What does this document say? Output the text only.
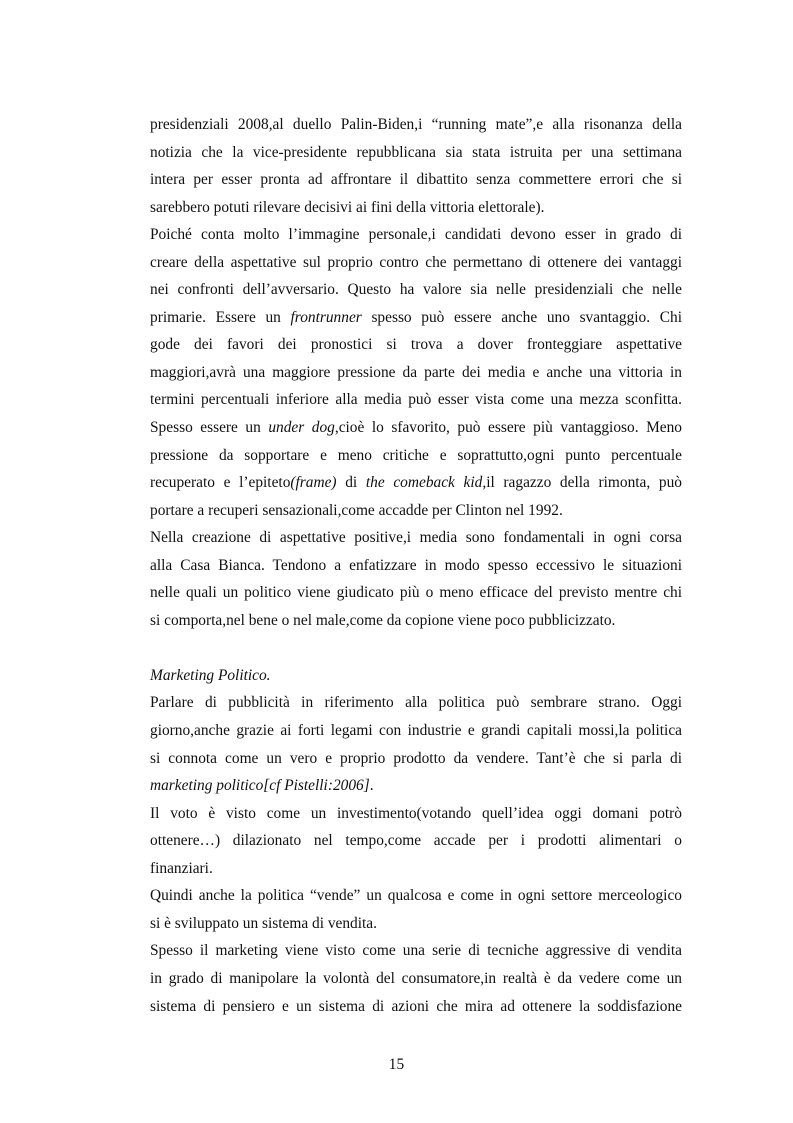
presidenziali 2008,al duello Palin-Biden,i “running mate”,e alla risonanza della
notizia che la vice-presidente repubblicana sia stata istruita per una settimana
intera per esser pronta ad affrontare il dibattito senza commettere errori che si
sarebbero potuti rilevare decisivi ai fini della vittoria elettorale).
Poiché conta molto l’immagine personale,i candidati devono esser in grado di
creare della aspettative sul proprio contro che permettano di ottenere dei vantaggi
nei confronti dell’avversario. Questo ha valore sia nelle presidenziali che nelle
primarie. Essere un frontrunner spesso può essere anche uno svantaggio. Chi
gode dei favori dei pronostici si trova a dover fronteggiare aspettative
maggiori,avrà una maggiore pressione da parte dei media e anche una vittoria in
termini percentuali inferiore alla media può esser vista come una mezza sconfitta.
Spesso essere un under dog,cioè lo sfavorito, può essere più vantaggioso. Meno
pressione da sopportare e meno critiche e soprattutto,ogni punto percentuale
recuperato e l’epiteto(frame) di the comeback kid,il ragazzo della rimonta, può
portare a recuperi sensazionali,come accadde per Clinton nel 1992.
Nella creazione di aspettative positive,i media sono fondamentali in ogni corsa
alla Casa Bianca. Tendono a enfatizzare in modo spesso eccessivo le situazioni
nelle quali un politico viene giudicato più o meno efficace del previsto mentre chi
si comporta,nel bene o nel male,come da copione viene poco pubblicizzato.
Marketing Politico.
Parlare di pubblicità in riferimento alla politica può sembrare strano. Oggi
giorno,anche grazie ai forti legami con industrie e grandi capitali mossi,la politica
si connota come un vero e proprio prodotto da vendere. Tant’è che si parla di
marketing politico[cf Pistelli:2006].
Il voto è visto come un investimento(votando quell’idea oggi domani potrò
ottenere…) dilazionato nel tempo,come accade per i prodotti alimentari o
finanziari.
Quindi anche la politica “vende” un qualcosa e come in ogni settore merceologico
si è sviluppato un sistema di vendita.
Spesso il marketing viene visto come una serie di tecniche aggressive di vendita
in grado di manipolare la volontà del consumatore,in realtà è da vedere come un
sistema di pensiero e un sistema di azioni che mira ad ottenere la soddisfazione
15
